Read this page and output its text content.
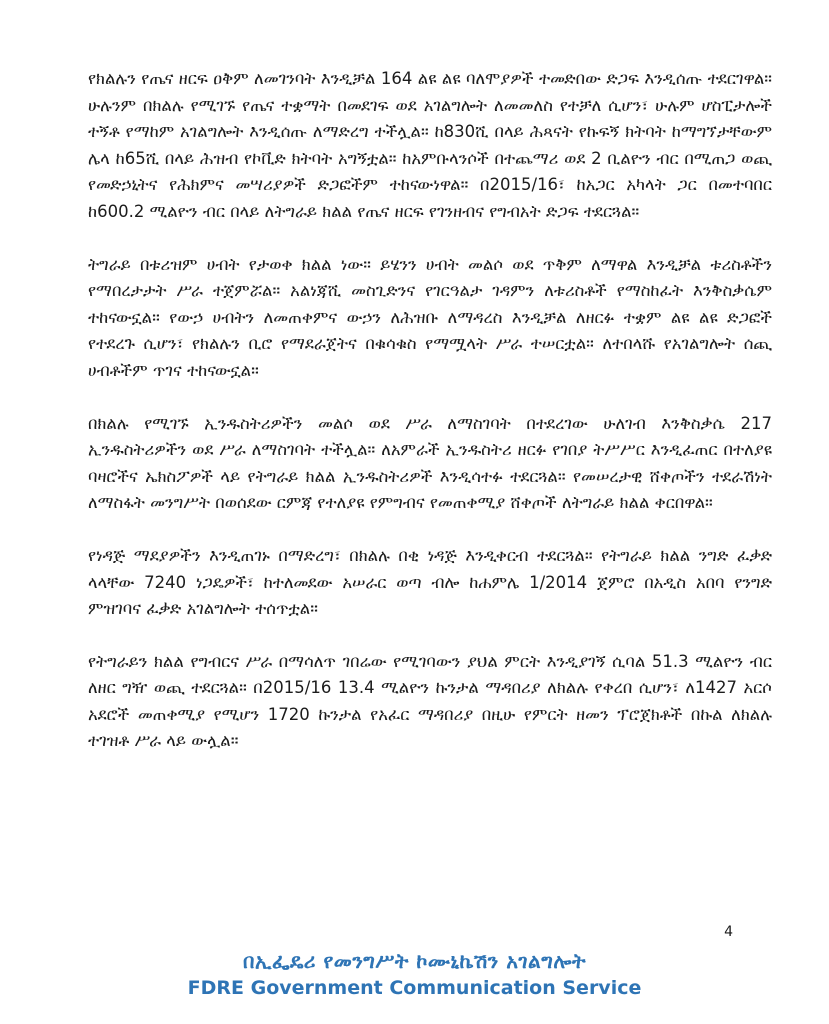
የክልሉን የጤና ዘርፍ ዐቅም ለመገንባት እንዲቻል 164 ልዩ ልዩ ባለሞያዎች ተመድበው ድጋፍ እንዲሰጡ ተደርገዋል። ሁሉንም በክልሉ የሚገኙ የጤና ተቋማት በመደገፍ ወደ አገልግሎት ለመመለስ የተቻለ ሲሆን፣ ሁሉም ሆስፒታሎች ተኝቶ የማከም አገልግሎት እንዲሰጡ ለማድረግ ተችሏል። ከ830ሺ በላይ ሕጻናት የኩፍኝ ክትባት ከማግኘታቸውም ሌላ ከ65ሺ በላይ ሕዝብ የኮቪድ ክትባት አግኝቷል። ከአምቡላንሶች በተጨማሪ ወደ 2 ቢልዮን ብር በሚጠጋ ወጪ የመድኃኒትና የሕክምና መሣሪያዎች ድጋፎችም ተከናውነዋል። በ2015/16፣ ከአጋር አካላት ጋር በመተባበር ከ600.2 ሚልዮን ብር በላይ ለትግራይ ክልል የጤና ዘርፍ የገንዘብና የግብአት ድጋፍ ተደርጓል።

ትግራይ በቱሪዝም ሀብት የታወቀ ክልል ነው። ይሄንን ሀብት መልሶ ወደ ጥቅም ለማዋል እንዲቻል ቱሪስቶችን የማበረታታት ሥራ ተጀምሯል። አልነጃሺ መስጊድንና የገርዓልታ ገዳምን ለቱሪስቶች የማስከፈት እንቅስቃሴም ተከናውኗል። የውኃ ሀብትን ለመጠቀምና ውኃን ለሕዝቡ ለማዳረስ እንዲቻል ለዘርፉ ተቋም ልዩ ልዩ ድጋፎች የተደረጉ ሲሆን፣ የክልሉን ቢሮ የማደራጀትና በቁሳቁስ የማሟላት ሥራ ተሠርቷል። ለተበላሹ የአገልግሎት ሰጪ ሀብቶችም ጥገና ተከናውኗል።

በክልሉ የሚገኙ ኢንዱስትሪዎችን መልሶ ወደ ሥራ ለማስገባት በተደረገው ሁለገብ እንቅስቃሴ 217 ኢንዱስትሪዎችን ወደ ሥራ ለማስገባት ተችሏል። ለአምራች ኢንዱስትሪ ዘርፉ የገበያ ትሥሥር እንዲፈጠር በተለያዩ ባዛሮችና ኤክስፖዎች ላይ የትግራይ ክልል ኢንዱስትሪዎች እንዲሳተፉ ተደርጓል። የመሠረታዊ ሸቀጦችን ተደራሽነት ለማስፋት መንግሥት በወሰደው ርምጃ የተለያዩ የምግብና የመጠቀሚያ ሸቀጦች ለትግራይ ክልል ቀርበዋል።

የነዳጅ ማደያዎችን እንዲጠገኑ በማድረግ፣ በክልሉ በቂ ነዳጅ እንዲቀርብ ተደርጓል። የትግራይ ክልል ንግድ ፈቃድ ላላቸው 7240 ነጋዴዎች፣ ከተለመደው አሠራር ወጣ ብሎ ከሐምሌ 1/2014 ጀምሮ በአዲስ አበባ የንግድ ምዝገባና ፈቃድ አገልግሎት ተሰጥቷል።

የትግራይን ክልል የግብርና ሥራ በማሳለጥ ገበሬው የሚገባውን ያህል ምርት እንዲያገኝ ሲባል 51.3 ሚልዮን ብር ለዘር ግዥ ወጪ ተደርጓል። በ2015/16 13.4 ሚልዮን ኩንታል ማዳበሪያ ለክልሉ የቀረበ ሲሆን፣ ለ1427 አርሶ አደሮች መጠቀሚያ የሚሆን 1720 ኩንታል የአፈር ማዳበሪያ በዚሁ የምርት ዘመን ፕሮጀክቶች በኩል ለክልሉ ተገዝቶ ሥራ ላይ ውሏል።

4
በኢፌዴሪ የመንግሥት ኮሙኒኬሽን አገልግሎት
FDRE Government Communication Service
